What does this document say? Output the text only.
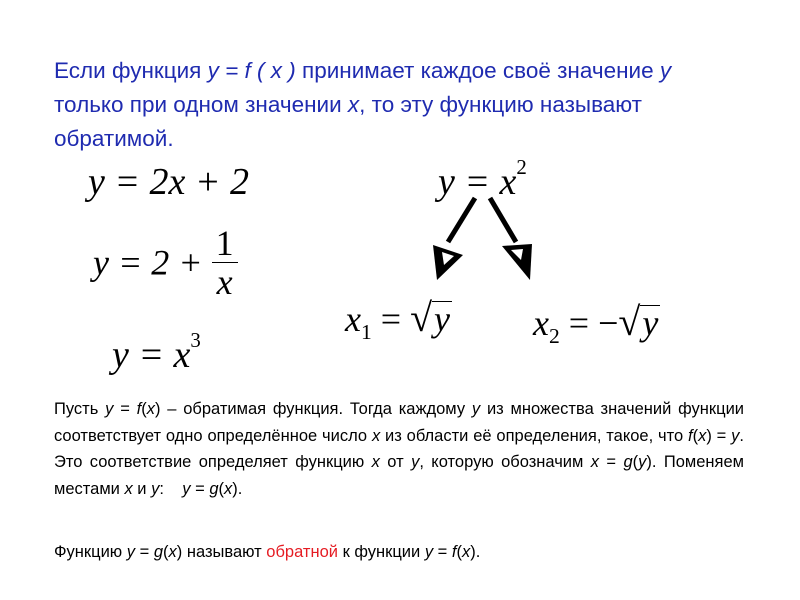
Если функция y = f ( x ) принимает каждое своё значение y только при одном значении x, то эту функцию называют обратимой.
y = 2x + 2
$y = 2 + \frac{1}{x}$
$y = x^3$
$y = x^2$
$x_1 = √y$ $x_2 = -√y$
Пусть y = f(x) – обратимая функция. Тогда каждому y из множества значений функции соответствует одно определённое число x из области её определения, такое, что f(x) = y. Это соответствие определяет функцию x от y, которую обозначим x = g(y). Поменяем местами x и y:    y = g(x).
Функцию y = g(x) называют обратной к функции y = f(x).
